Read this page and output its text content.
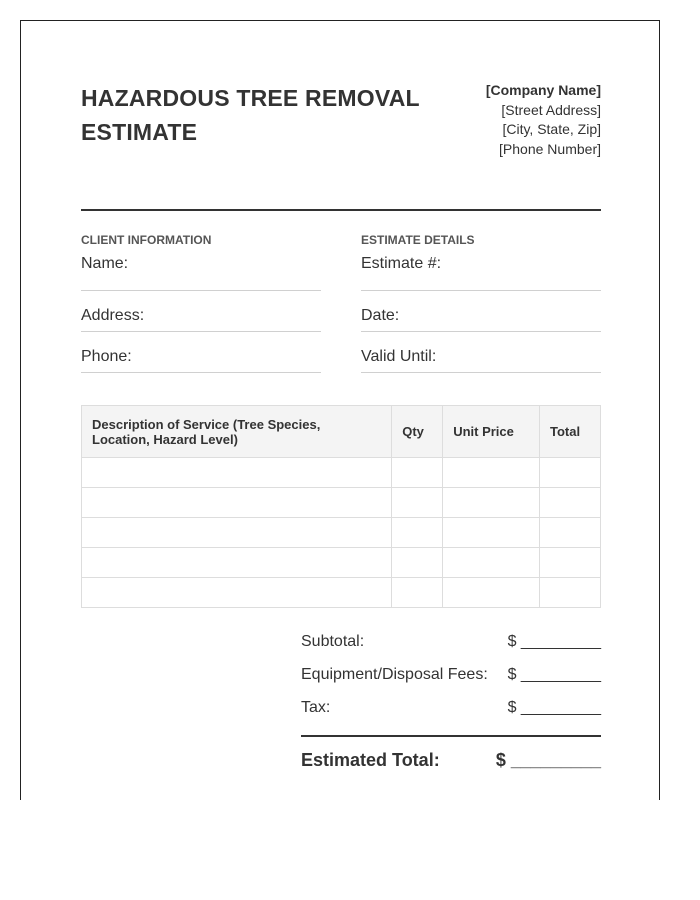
HAZARDOUS TREE REMOVAL ESTIMATE
[Company Name]
[Street Address]
[City, State, Zip]
[Phone Number]
CLIENT INFORMATION
Name:
Address:
Phone:
ESTIMATE DETAILS
Estimate #:
Date:
Valid Until:
Description of Service (Tree Species, Location, Hazard Level)	Qty	Unit Price	Total

Subtotal:	$ _________
Equipment/Disposal Fees: $ _________
Tax:	$ _________
Estimated Total:	$ _________
